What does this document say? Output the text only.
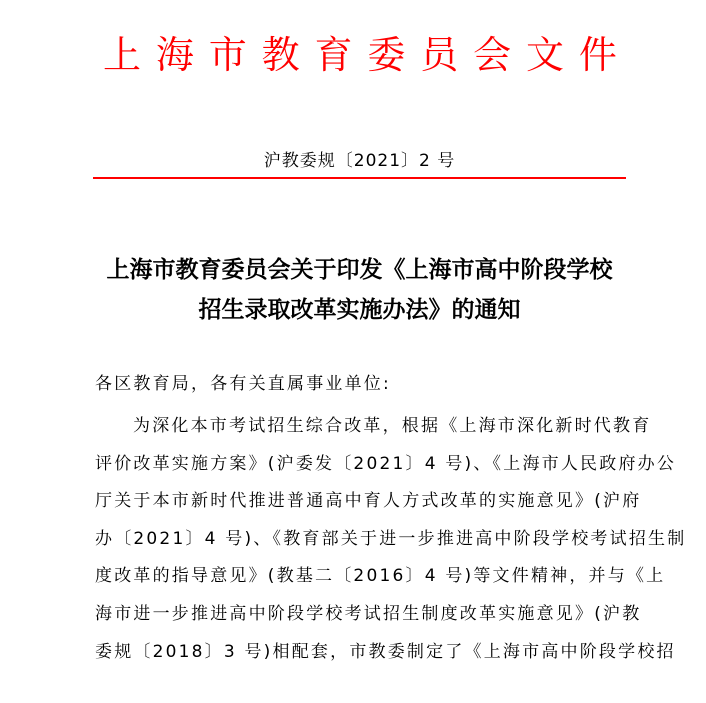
上 海 市 教 育 委 员 会 文 件
沪教委规〔2021〕2 号
上海市教育委员会关于印发《上海市高中阶段学校
招生录取改革实施办法》的通知
各区教育局，各有关直属事业单位:
为深化本市考试招生综合改革，根据《上海市深化新时代教育
评价改革实施方案》(沪委发〔2021〕4 号)、《上海市人民政府办公
厅关于本市新时代推进普通高中育人方式改革的实施意见》(沪府
办〔2021〕4 号)、《教育部关于进一步推进高中阶段学校考试招生制
度改革的指导意见》(教基二〔2016〕4 号)等文件精神，并与《上
海市进一步推进高中阶段学校考试招生制度改革实施意见》(沪教
委规〔2018〕3 号)相配套，市教委制定了《上海市高中阶段学校招
